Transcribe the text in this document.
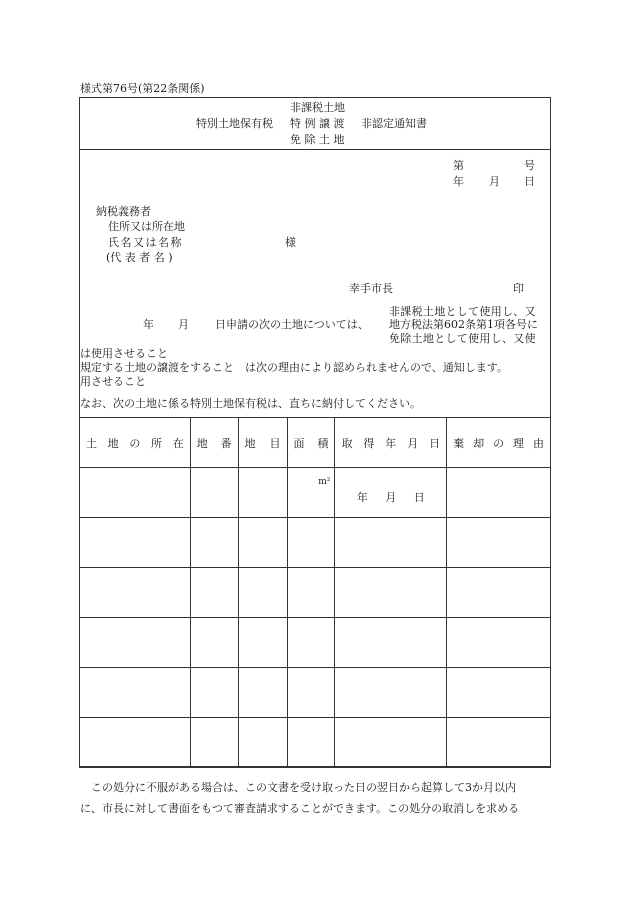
様式第76号(第22条関係)
非課税土地
特別土地保有税 特 例 譲 渡 非認定通知書
免 除 土 地
第	号
年 月 日
納税義務者
住所又は所在地
氏名又は名称	様
(代 表 者 名 )
幸手市長	印
非課税土地として使用し、又
年 月 日申請の次の土地については、 地方税法第602条第1項各号に
免除土地として使用し、又使
は使用させること
規定する土地の譲渡をすること　は次の理由により認められませんので、通知します。
用させること
なお、次の土地に係る特別土地保有税は、直ちに納付してください。
土 地 の 所 在	地 番	地 目	面 積	取 得 年 月 日	棄 却 の 理 由

			m²	年 月 日	

この処分に不服がある場合は、この文書を受け取った日の翌日から起算して3か月以内
に、市長に対して書面をもつて審査請求することができます。この処分の取消しを求める
